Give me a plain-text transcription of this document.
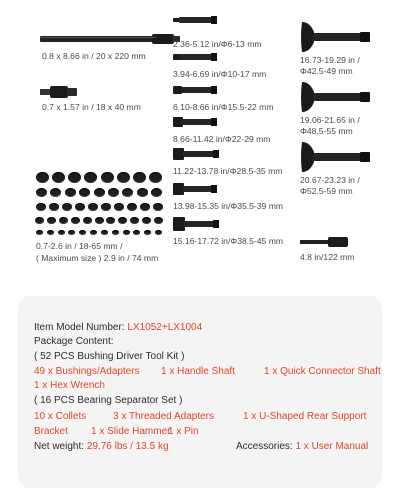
0.8 x 8.66 in / 20 x 220 mm
0.7 x 1.57 in / 18 x 40 mm
0.7-2.6 in / 18-65 mm /
( Maximum size ) 2.9 in / 74 mm	4.8 in/122 mm
Item Model Number: LX1052+LX1004
Package Content:
( 52 PCS Bushing Driver Tool Kit )
49 x Bushings/Adapters 1 x Handle Shaft	1 x Quick Connector Shaft
1 x Hex Wrench
( 16 PCS Bearing Separator Set )
10 x Collets	3 x Threaded Adapters	1 x U-Shaped Rear Support
Bracket 1 x Slide Hammer
1 x Pin
Net weight: 29.76 lbs / 13.5 kg	Accessories: 1 x User Manual
2.36-5.12 in/Φ6-13 mm
3.94-6.69 in/Φ10-17 mm
6.10-8.66 in/Φ15.5-22 mm
8.66-11.42 in/Φ22-29 mm
11.22-13.78 in/Φ28.5-35 mm
13.98-15.35 in/Φ35.5-39 mm
15.16-17.72 in/Φ38.5-45 mm
16.73-19.29 in /
Φ42.5-49 mm
19.06-21.65 in /
Φ48.5-55 mm
20.67-23.23 in /
Φ52.5-59 mm
